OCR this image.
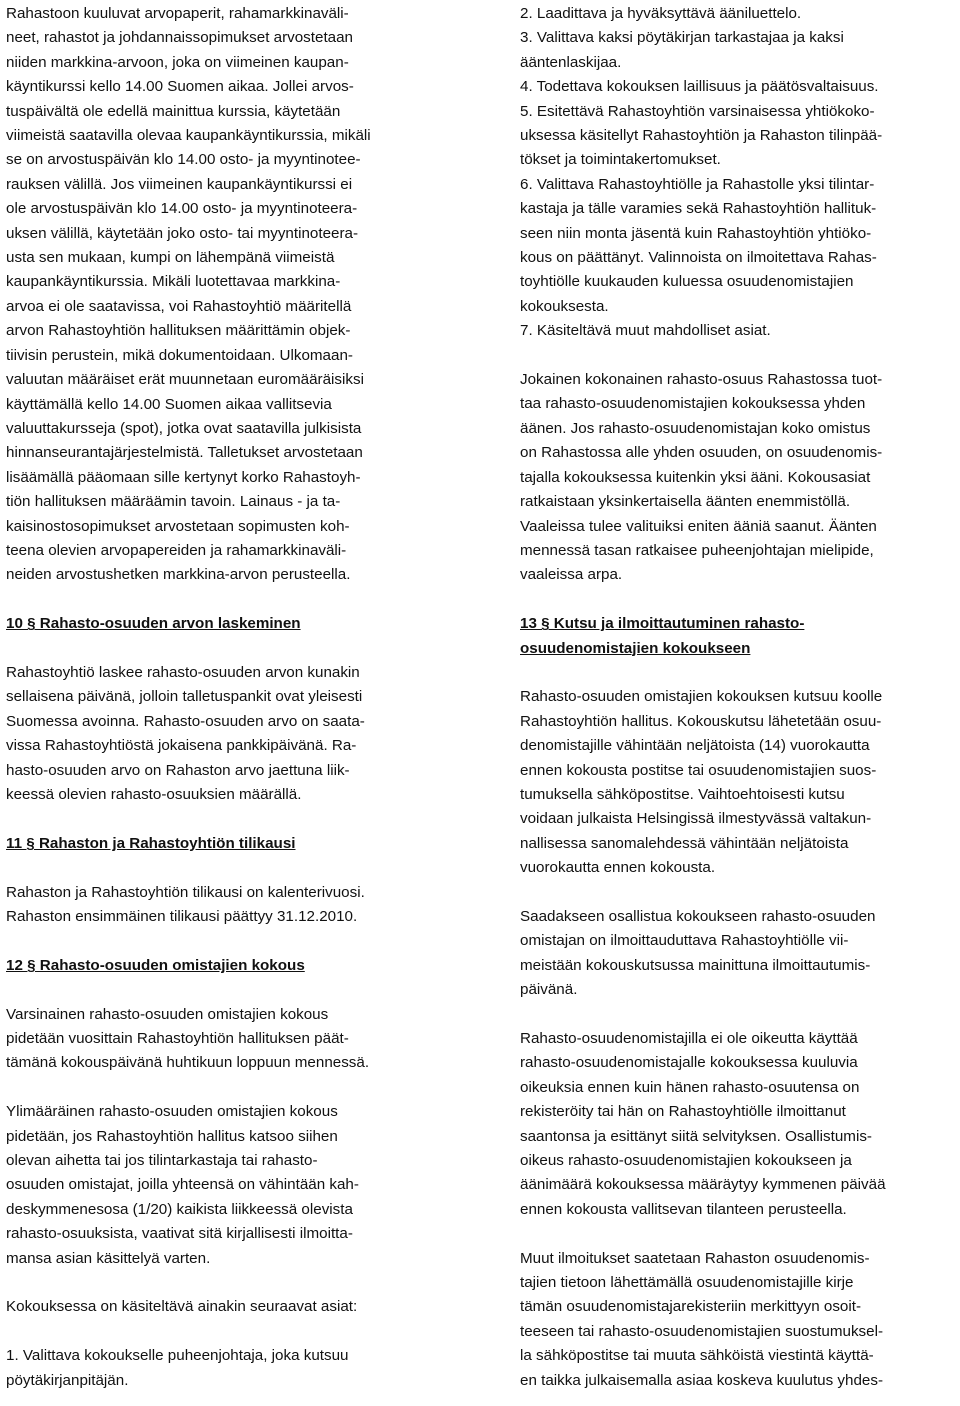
Rahastoon kuuluvat arvopaperit, rahamarkkinaväli-
neet, rahastot ja johdannaissopimukset arvostetaan
niiden markkina-arvoon, joka on viimeinen kaupan-
käyntikurssi kello 14.00 Suomen aikaa. Jollei arvos-
tuspäivältä ole edellä mainittua kurssia, käytetään
viimeistä saatavilla olevaa kaupankäyntikurssia, mikäli
se on arvostuspäivän klo 14.00 osto- ja myyntinotee-
rauksen välillä. Jos viimeinen kaupankäyntikurssi ei
ole arvostuspäivän klo 14.00 osto- ja myyntinoteera-
uksen välillä, käytetään joko osto- tai myyntinoteera-
usta sen mukaan, kumpi on lähempänä viimeistä
kaupankäyntikurssia. Mikäli luotettavaa markkina-
arvoa ei ole saatavissa, voi Rahastoyhtiö määritellä
arvon Rahastoyhtiön hallituksen määrittämin objek-
tiivisin perustein, mikä dokumentoidaan. Ulkomaan-
valuutan määräiset erät muunnetaan euromääräisiksi
käyttämällä kello 14.00 Suomen aikaa vallitsevia
valuuttakursseja (spot), jotka ovat saatavilla julkisista
hinnanseurantajärjestelmistä. Talletukset arvostetaan
lisäämällä pääomaan sille kertynyt korko Rahastoyh-
tiön hallituksen määräämin tavoin. Lainaus - ja ta-
kaisinostosopimukset arvostetaan sopimusten koh-
teena olevien arvopapereiden ja rahamarkkinaväli-
neiden arvostushetken markkina-arvon perusteella.

10 § Rahasto-osuuden arvon laskeminen

Rahastoyhtiö laskee rahasto-osuuden arvon kunakin
sellaisena päivänä, jolloin talletuspankit ovat yleisesti
Suomessa avoinna. Rahasto-osuuden arvo on saata-
vissa Rahastoyhtiöstä jokaisena pankkipäivänä. Ra-
hasto-osuuden arvo on Rahaston arvo jaettuna liik-
keessä olevien rahasto-osuuksien määrällä.

11 § Rahaston ja Rahastoyhtiön tilikausi

Rahaston ja Rahastoyhtiön tilikausi on kalenterivuosi.
Rahaston ensimmäinen tilikausi päättyy 31.12.2010.

12 § Rahasto-osuuden omistajien kokous

Varsinainen rahasto-osuuden omistajien kokous
pidetään vuosittain Rahastoyhtiön hallituksen päät-
tämänä kokouspäivänä huhtikuun loppuun mennessä.

Ylimääräinen rahasto-osuuden omistajien kokous
pidetään, jos Rahastoyhtiön hallitus katsoo siihen
olevan aihetta tai jos tilintarkastaja tai rahasto-
osuuden omistajat, joilla yhteensä on vähintään kah-
deskymmenesosa (1/20) kaikista liikkeessä olevista
rahasto-osuuksista, vaativat sitä kirjallisesti ilmoitta-
mansa asian käsittelyä varten.

Kokouksessa on käsiteltävä ainakin seuraavat asiat:

1. Valittava kokoukselle puheenjohtaja, joka kutsuu
pöytäkirjanpitäjän.

2. Laadittava ja hyväksyttävä ääniluettelo.
3. Valittava kaksi pöytäkirjan tarkastajaa ja kaksi
ääntenlaskijaa.
4. Todettava kokouksen laillisuus ja päätösvaltaisuus.
5. Esitettävä Rahastoyhtiön varsinaisessa yhtiökoko-
uksessa käsitellyt Rahastoyhtiön ja Rahaston tilinpää-
tökset ja toimintakertomukset.
6. Valittava Rahastoyhtiölle ja Rahastolle yksi tilintar-
kastaja ja tälle varamies sekä Rahastoyhtiön hallituk-
seen niin monta jäsentä kuin Rahastoyhtiön yhtiöko-
kous on päättänyt. Valinnoista on ilmoitettava Rahas-
toyhtiölle kuukauden kuluessa osuudenomistajien
kokouksesta.
7. Käsiteltävä muut mahdolliset asiat.

Jokainen kokonainen rahasto-osuus Rahastossa tuot-
taa rahasto-osuudenomistajien kokouksessa yhden
äänen. Jos rahasto-osuudenomistajan koko omistus
on Rahastossa alle yhden osuuden, on osuudenomis-
tajalla kokouksessa kuitenkin yksi ääni. Kokousasiat
ratkaistaan yksinkertaisella äänten enemmistöllä.
Vaaleissa tulee valituiksi eniten ääniä saanut. Äänten
mennessä tasan ratkaisee puheenjohtajan mielipide,
vaaleissa arpa.

13 § Kutsu ja ilmoittautuminen rahasto-
osuudenomistajien kokoukseen

Rahasto-osuuden omistajien kokouksen kutsuu koolle
Rahastoyhtiön hallitus. Kokouskutsu lähetetään osuu-
denomistajille vähintään neljätoista (14) vuorokautta
ennen kokousta postitse tai osuudenomistajien suos-
tumuksella sähköpostitse. Vaihtoehtoisesti kutsu
voidaan julkaista Helsingissä ilmestyvässä valtakun-
nallisessa sanomalehdessä vähintään neljätoista
vuorokautta ennen kokousta.

Saadakseen osallistua kokoukseen rahasto-osuuden
omistajan on ilmoittauduttava Rahastoyhtiölle vii-
meistään kokouskutsussa mainittuna ilmoittautumis-
päivänä.

Rahasto-osuudenomistajilla ei ole oikeutta käyttää
rahasto-osuudenomistajalle kokouksessa kuuluvia
oikeuksia ennen kuin hänen rahasto-osuutensa on
rekisteröity tai hän on Rahastoyhtiölle ilmoittanut
saantonsa ja esittänyt siitä selvityksen. Osallistumis-
oikeus rahasto-osuudenomistajien kokoukseen ja
äänimäärä kokouksessa määräytyy kymmenen päivää
ennen kokousta vallitsevan tilanteen perusteella.

Muut ilmoitukset saatetaan Rahaston osuudenomis-
tajien tietoon lähettämällä osuudenomistajille kirje
tämän osuudenomistajarekisteriin merkittyyn osoit-
teeseen tai rahasto-osuudenomistajien suostumuksel-
la sähköpostitse tai muuta sähköistä viestintä käyttä-
en taikka julkaisemalla asiaa koskeva kuulutus yhdes-
